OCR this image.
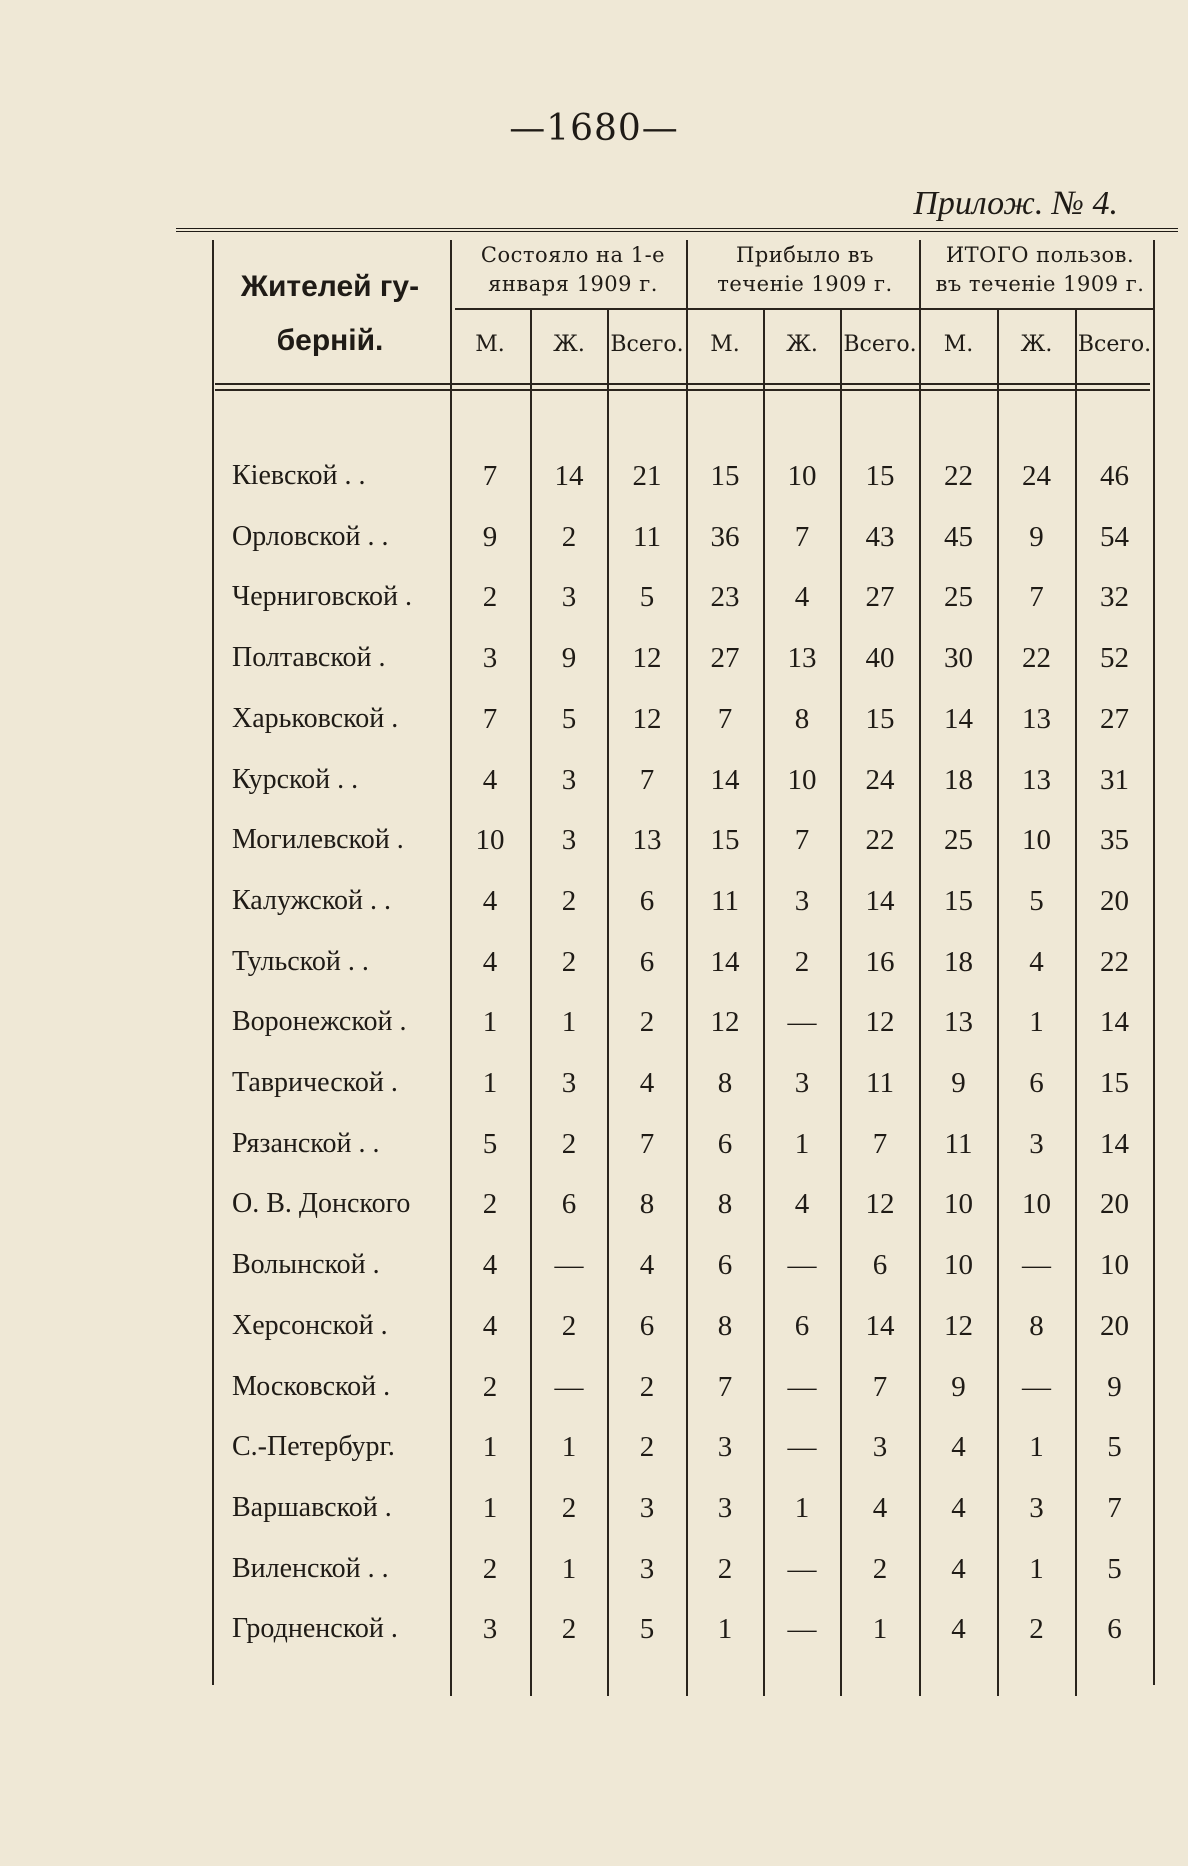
—1680—
Прилож. № 4.
Жителей гу- берній.
Состояло на 1-е января 1909 г.
Прибыло въ теченіе 1909 г.
ИТОГО пользов. въ теченіе 1909 г.
М.	Ж.	Всего.	М.	Ж.	Всего.	М.	Ж.	Всего.
Кіевской . .	7	14	21	15	10	15	22	24	46
Орловской . .	9	2	11	36	7	43	45	9	54
Черниговской .	2	3	5	23	4	27	25	7	32
Полтавской .	3	9	12	27	13	40	30	22	52
Харьковской .	7	5	12	7	8	15	14	13	27
Курской . .	4	3	7	14	10	24	18	13	31
Могилевской .	10	3	13	15	7	22	25	10	35
Калужской . .	4	2	6	11	3	14	15	5	20
Тульской . .	4	2	6	14	2	16	18	4	22
Воронежской .	1	1	2	12	—	12	13	1	14
Таврической .	1	3	4	8	3	11	9	6	15
Рязанской . .	5	2	7	6	1	7	11	3	14
О. В. Донского	2	6	8	8	4	12	10	10	20
Волынской .	4	—	4	6	—	6	10	—	10
Херсонской .	4	2	6	8	6	14	12	8	20
Московской .	2	—	2	7	—	7	9	—	9
С.-Петербург.	1	1	2	3	—	3	4	1	5
Варшавской .	1	2	3	3	1	4	4	3	7
Виленской . .	2	1	3	2	—	2	4	1	5
Гродненской .	3	2	5	1	—	1	4	2	6
